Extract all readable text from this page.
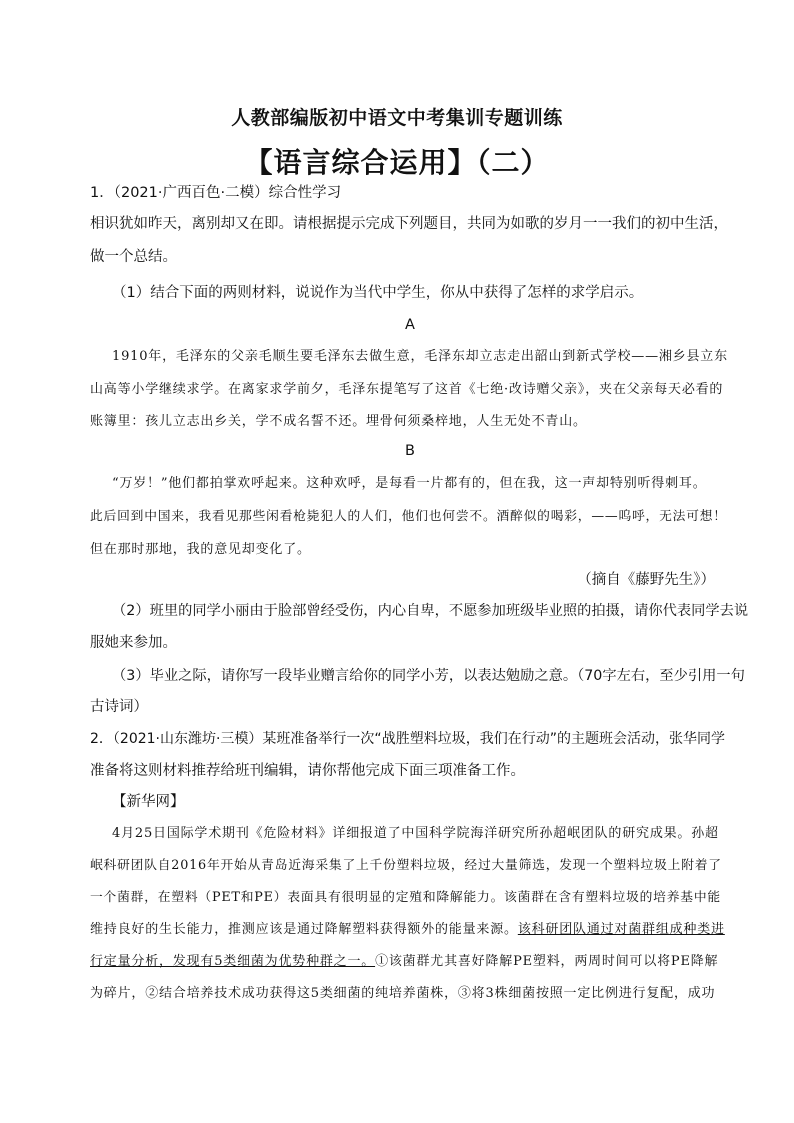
人教部编版初中语文中考集训专题训练
【语言综合运用】（二）
1．（2021·广西百色·二模）综合性学习
相识犹如昨天，离别却又在即。请根据提示完成下列题目，共同为如歌的岁月一一我们的初中生活，
做一个总结。
（1）结合下面的两则材料，说说作为当代中学生，你从中获得了怎样的求学启示。
A
1910年，毛泽东的父亲毛顺生要毛泽东去做生意，毛泽东却立志走出韶山到新式学校——湘乡县立东
山高等小学继续求学。在离家求学前夕，毛泽东提笔写了这首《七绝·改诗赠父亲》，夹在父亲每天必看的
账簿里：孩儿立志出乡关，学不成名誓不还。埋骨何须桑梓地，人生无处不青山。
B
“万岁！”他们都拍掌欢呼起来。这种欢呼，是每看一片都有的，但在我，这一声却特别听得刺耳。
此后回到中国来，我看见那些闲看枪毙犯人的人们，他们也何尝不。酒醉似的喝彩，——呜呼，无法可想！
但在那时那地，我的意见却变化了。
（摘自《藤野先生》）
（2）班里的同学小丽由于脸部曾经受伤，内心自卑，不愿参加班级毕业照的拍摄，请你代表同学去说
服她来参加。
（3）毕业之际，请你写一段毕业赠言给你的同学小芳，以表达勉励之意。（70字左右，至少引用一句
古诗词）
2．（2021·山东潍坊·三模）某班准备举行一次“战胜塑料垃圾，我们在行动”的主题班会活动，张华同学
准备将这则材料推荐给班刊编辑，请你帮他完成下面三项准备工作。
【新华网】
4月25日国际学术期刊《危险材料》详细报道了中国科学院海洋研究所孙超岷团队的研究成果。孙超
岷科研团队自2016年开始从青岛近海采集了上千份塑料垃圾，经过大量筛选，发现一个塑料垃圾上附着了
一个菌群，在塑料（PET和PE）表面具有很明显的定殖和降解能力。该菌群在含有塑料垃圾的培养基中能
维持良好的生长能力，推测应该是通过降解塑料获得额外的能量来源。该科研团队通过对菌群组成种类进
行定量分析，发现有5类细菌为优势种群之一。①该菌群尤其喜好降解PE塑料，两周时间可以将PE降解
为碎片，②结合培养技术成功获得这5类细菌的纯培养菌株，③将3株细菌按照一定比例进行复配，成功
